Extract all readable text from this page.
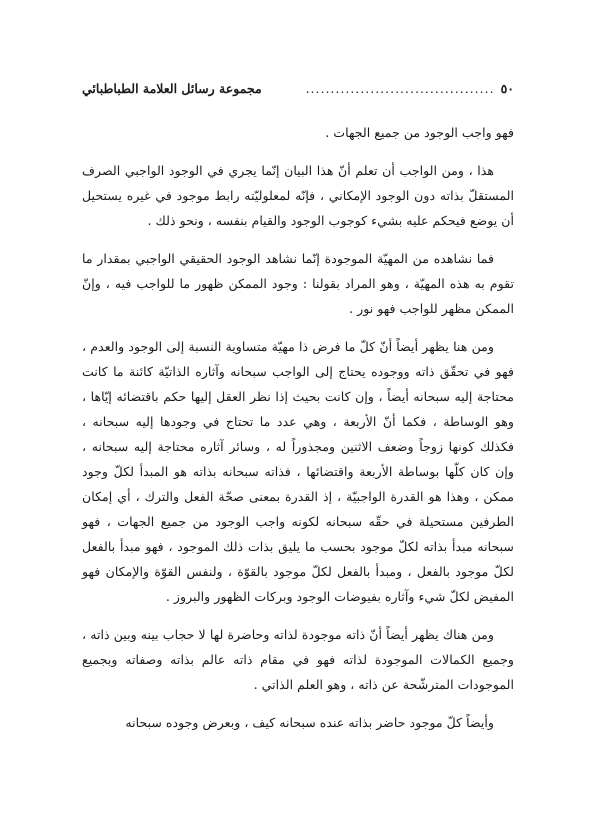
٥٠
......................................
مجموعة رسائل العلامة الطباطبائي

فهو واجب الوجود من جميع الجهات .

هذا ، ومن الواجب أن تعلم أنّ هذا البيان إنّما يجري في الوجود الواجبي الصرف المستقلّ بذاته دون الوجود الإمكاني ، فإنّه لمعلوليّته رابط موجود في غيره يستحيل أن يوضع فيحكم عليه بشيء كوجوب الوجود والقيام بنفسه ، ونحو ذلك .

فما نشاهده من المهيّة الموجودة إنّما نشاهد الوجود الحقيقي الواجبي بمقدار ما تقوم به هذه المهيّة ، وهو المراد بقولنا : وجود الممكن ظهور ما للواجب فيه ، وإنّ الممكن مظهر للواجب فهو نور .

ومن هنا يظهر أيضاً أنّ كلّ ما فرض ذا مهيّة متساوية النسبة إلى الوجود والعدم ، فهو في تحقّق ذاته ووجوده يحتاج إلى الواجب سبحانه وآثاره الذاتيّة كائنة ما كانت محتاجة إليه سبحانه أيضاً ، وإن كانت بحيث إذا نظر العقل إليها حكم باقتضائه إيّاها ، وهو الوساطة ، فكما أنّ الأربعة ، وهي عدد ما تحتاج في وجودها إليه سبحانه ، فكذلك كونها زوجاً وضعف الاثنين ومجذوراً له ، وسائر آثاره محتاجة إليه سبحانه ، وإن كان كلّها بوساطة الأربعة واقتضائها ، فذاته سبحانه بذاته هو المبدأ لكلّ وجود ممكن ، وهذا هو القدرة الواجبيّة ، إذ القدرة بمعنى صحّة الفعل والترك ، أي إمكان الطرفين مستحيلة في حقّه سبحانه لكونه واجب الوجود من جميع الجهات ، فهو سبحانه مبدأ بذاته لكلّ موجود بحسب ما يليق بذات ذلك الموجود ، فهو مبدأ بالفعل لكلّ موجود بالفعل ، ومبدأ بالفعل لكلّ موجود بالقوّة ، ولنفس القوّة والإمكان فهو المفيض لكلّ شيء وآثاره بفيوضات الوجود وبركات الظهور والبروز .

ومن هناك يظهر أيضاً أنّ ذاته موجودة لذاته وحاضرة لها لا حجاب بينه وبين ذاته ، وجميع الكمالات الموجودة لذاته فهو في مقام ذاته عالم بذاته وصفاته وبجميع الموجودات المترشّحة عن ذاته ، وهو العلم الذاتي .

وأيضاً كلّ موجود حاضر بذاته عنده سبحانه كيف ، وبعرض وجوده سبحانه
